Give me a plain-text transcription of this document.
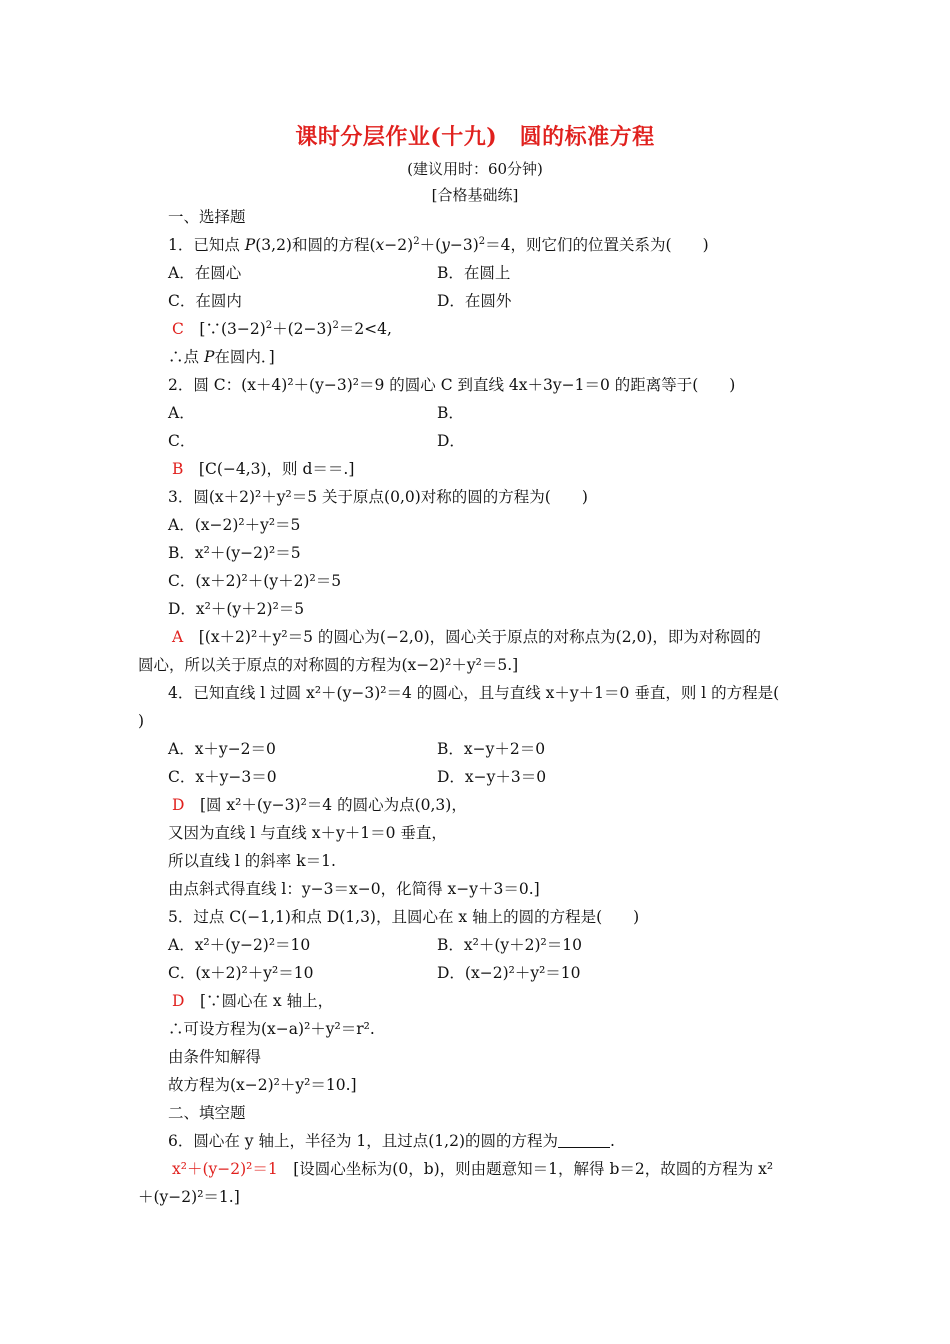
课时分层作业(十九)　圆的标准方程
(建议用时：60分钟)
[合格基础练]
一、选择题
1．已知点 P(3,2)和圆的方程$(x-2)^2+(y-3)^2=4$，则它们的位置关系为(　　)
A．在圆心	B．在圆上
C．在圆内	D．在圆外
C　 [$\because(3-2)^2+(2-3)^2=2<4$,
∴点 P在圆内．]
2．圆 C：(x＋4)²＋(y−3)²＝9 的圆心 C 到直线 4x＋3y−1＝0 的距离等于(　　)
A．	B．
C．	D．
B　 [C(−4,3)，则 d＝＝.]
3．圆(x＋2)²＋y²＝5 关于原点(0,0)对称的圆的方程为(　　)
A．(x−2)²＋y²＝5
B．x²＋(y−2)²＝5
C．(x＋2)²＋(y＋2)²＝5
D．x²＋(y＋2)²＝5
A　 [(x＋2)²＋y²＝5 的圆心为(−2,0)，圆心关于原点的对称点为(2,0)，即为对称圆的
圆心，所以关于原点的对称圆的方程为(x−2)²＋y²＝5.]
4．已知直线 l 过圆 x²＋(y−3)²＝4 的圆心，且与直线 x＋y＋1＝0 垂直，则 l 的方程是(
)
A．x＋y−2＝0	B．x−y＋2＝0
C．x＋y−3＝0	D．x−y＋3＝0
D　 [圆 x²＋(y−3)²＝4 的圆心为点(0,3)，
又因为直线 l 与直线 x＋y＋1＝0 垂直，
所以直线 l 的斜率 k＝1.
由点斜式得直线 l：y−3＝x−0，化简得 x−y＋3＝0.]
5．过点 C(−1,1)和点 D(1,3)，且圆心在 x 轴上的圆的方程是(　　)
A．x²＋(y−2)²＝10	B．x²＋(y＋2)²＝10
C．(x＋2)²＋y²＝10	D．(x−2)²＋y²＝10
D　 [∵圆心在 x 轴上，
∴可设方程为(x−a)²＋y²＝r².
由条件知解得
故方程为(x−2)²＋y²＝10.]
二、填空题
6．圆心在 y 轴上，半径为 1，且过点(1,2)的圆的方程为	.
x²＋(y−2)²＝1　 [设圆心坐标为(0，b)，则由题意知＝1，解得 b＝2，故圆的方程为 x²
＋(y−2)²＝1.]
